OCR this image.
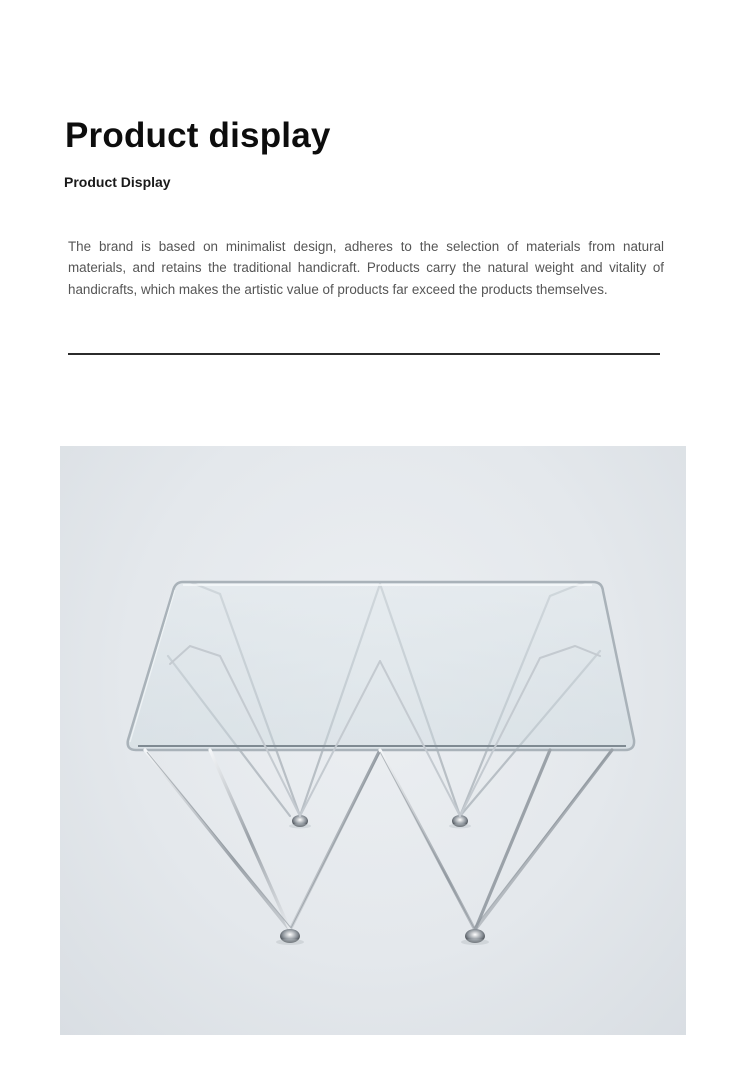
Product display
Product Display

The brand is based on minimalist design, adheres to the selection of materials from natural materials, and retains the traditional handicraft. Products carry the natural weight and vitality of handicrafts, which makes the artistic value of products far exceed the products themselves.
